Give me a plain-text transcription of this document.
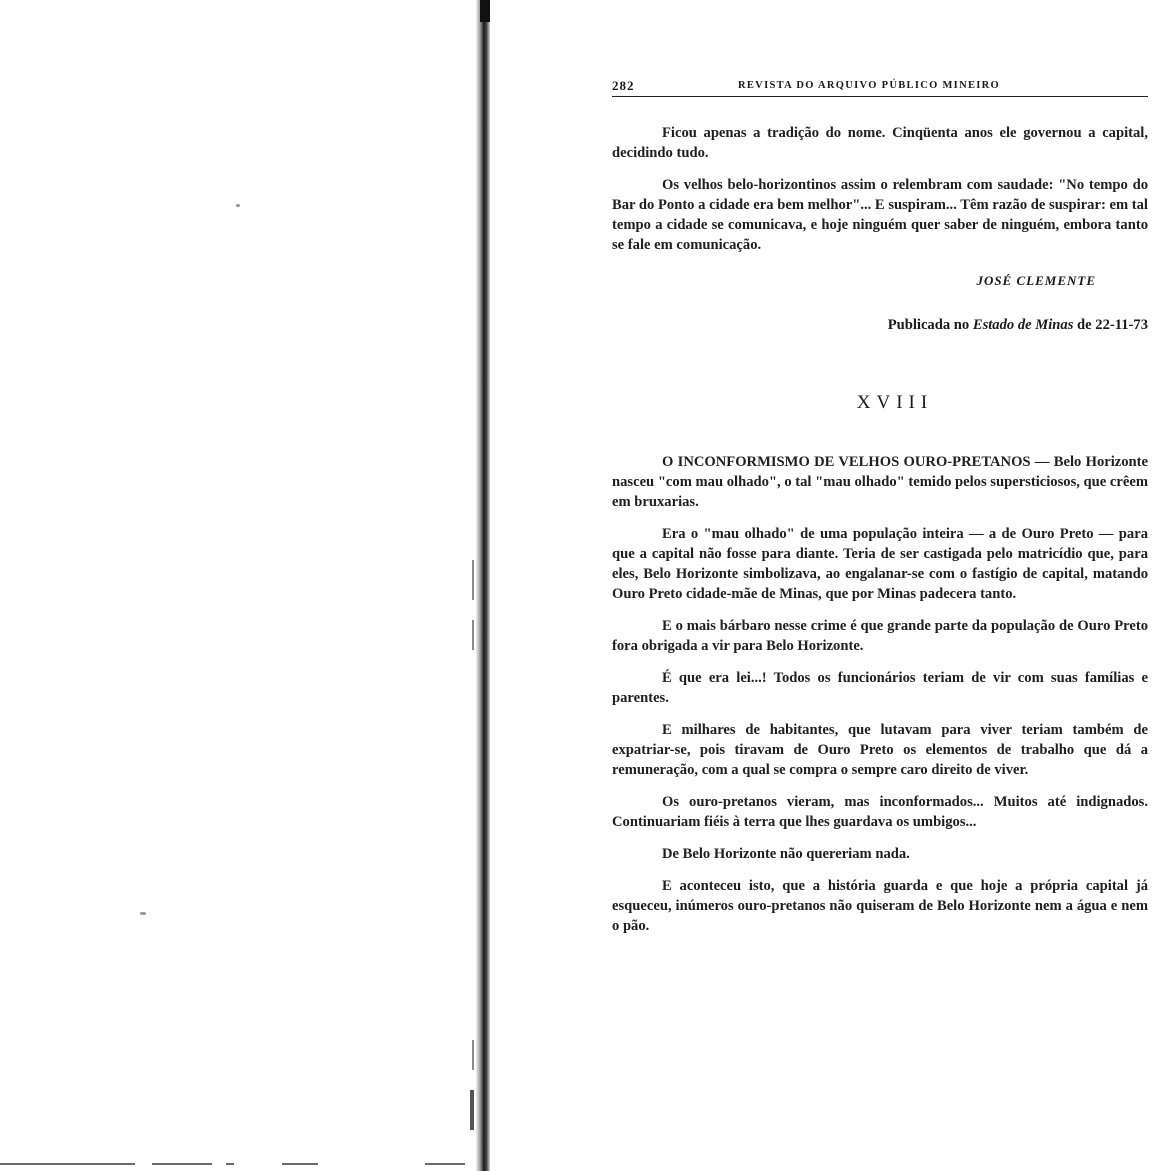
282	REVISTA DO ARQUIVO PÚBLICO MINEIRO

Ficou apenas a tradição do nome. Cinqüenta anos ele governou a capital, decidindo tudo.

Os velhos belo-horizontinos assim o relembram com saudade: "No tempo do Bar do Ponto a cidade era bem melhor"... E suspiram... Têm razão de suspirar: em tal tempo a cidade se comunicava, e hoje ninguém quer saber de ninguém, embora tanto se fale em comunicação.

JOSÉ CLEMENTE
Publicada no Estado de Minas de 22-11-73
XVIII

O INCONFORMISMO DE VELHOS OURO-PRETANOS — Belo Horizonte nasceu "com mau olhado", o tal "mau olhado" temido pelos supersticiosos, que crêem em bruxarias.

Era o "mau olhado" de uma população inteira — a de Ouro Preto — para que a capital não fosse para diante. Teria de ser castigada pelo matricídio que, para eles, Belo Horizonte simbolizava, ao engalanar-se com o fastígio de capital, matando Ouro Preto cidade-mãe de Minas, que por Minas padecera tanto.

E o mais bárbaro nesse crime é que grande parte da população de Ouro Preto fora obrigada a vir para Belo Horizonte.

É que era lei...! Todos os funcionários teriam de vir com suas famílias e parentes.

E milhares de habitantes, que lutavam para viver teriam também de expatriar-se, pois tiravam de Ouro Preto os elementos de trabalho que dá a remuneração, com a qual se compra o sempre caro direito de viver.

Os ouro-pretanos vieram, mas inconformados... Muitos até indignados. Continuariam fiéis à terra que lhes guardava os umbigos...

De Belo Horizonte não quereriam nada.

E aconteceu isto, que a história guarda e que hoje a própria capital já esqueceu, inúmeros ouro-pretanos não quiseram de Belo Horizonte nem a água e nem o pão.
